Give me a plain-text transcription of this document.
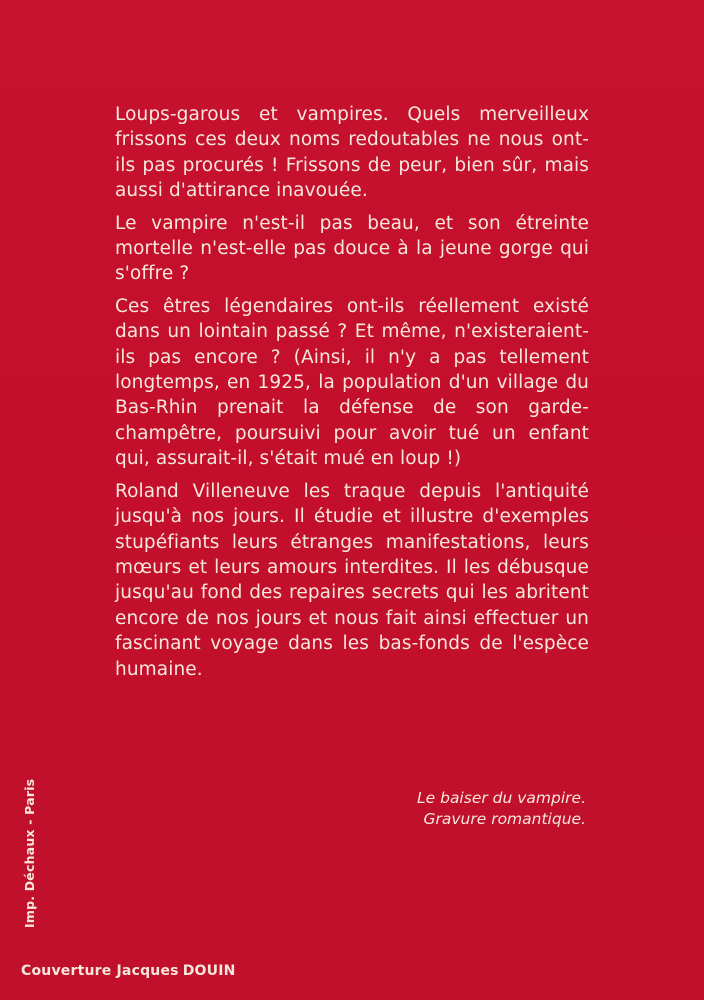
Loups-garous et vampires. Quels merveilleux frissons ces deux noms redoutables ne nous ont-ils pas procurés ! Frissons de peur, bien sûr, mais aussi d'attirance inavouée.

Le vampire n'est-il pas beau, et son étreinte mortelle n'est-elle pas douce à la jeune gorge qui s'offre ?

Ces êtres légendaires ont-ils réellement existé dans un lointain passé ? Et même, n'existeraient-ils pas encore ? (Ainsi, il n'y a pas tellement longtemps, en 1925, la population d'un village du Bas-Rhin prenait la défense de son garde-champêtre, poursuivi pour avoir tué un enfant qui, assurait-il, s'était mué en loup !)

Roland Villeneuve les traque depuis l'antiquité jusqu'à nos jours. Il étudie et illustre d'exemples stupéfiants leurs étranges manifestations, leurs mœurs et leurs amours interdites. Il les débusque jusqu'au fond des repaires secrets qui les abritent encore de nos jours et nous fait ainsi effectuer un fascinant voyage dans les bas-fonds de l'espèce humaine.

Le baiser du vampire.
Gravure romantique.
Imp. Déchaux - Paris
Couverture Jacques DOUIN
